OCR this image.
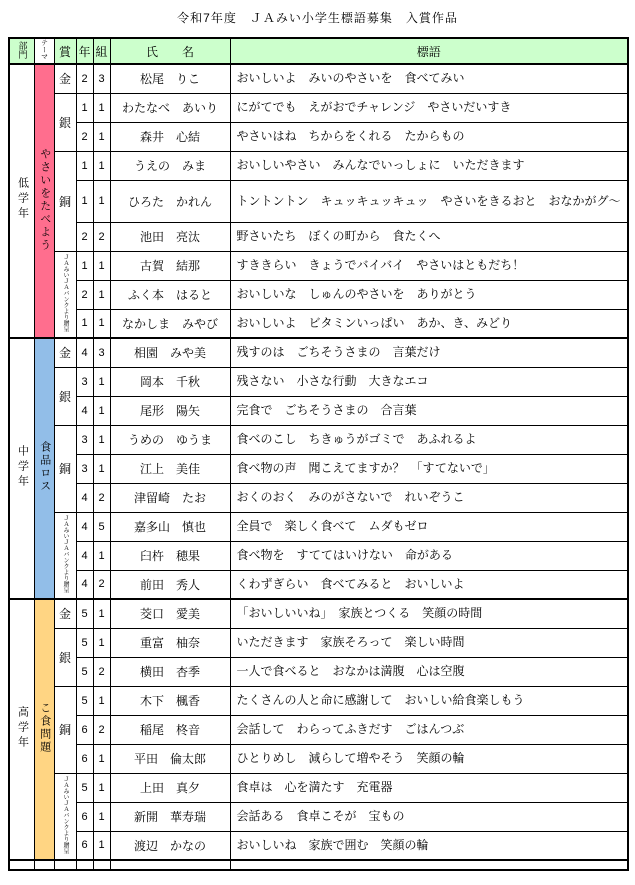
令和7年度　ＪＡみい小学生標語募集　入賞作品
部門	テーマ	賞	年	組	氏　　名	標語
低学年	やさいをたべよう	金	2	3	松尾　りこ	おいしいよ　みいのやさいを　食べてみい
		銀	1	1	わたなべ　あいり	にがてでも　えがおでチャレンジ　やさいだいすき
			2	1	森井　心結	やさいはね　ちからをくれる　たからもの
		銅	1	1	うえの　みま	おいしいやさい　みんなでいっしょに　いただきます
			1	1	ひろた　かれん	トントントン　キュッキュッキュッ　やさいをきるおと　おなかがグ～
			2	2	池田　亮汰	野さいたち　ぼくの町から　食たくへ
		ＪＡみいＪＡバンクより贈呈	1	1	古賀　結那	すききらい　きょうでバイバイ　やさいはともだち！
			2	1	ふく本　はると	おいしいな　しゅんのやさいを　ありがとう
			1	1	なかしま　みやび	おいしいよ　ビタミンいっぱい　あか、き、みどり
中学年	食品ロス	金	4	3	相園　みや美	残すのは　ごちそうさまの　言葉だけ
		銀	3	1	岡本　千秋	残さない　小さな行動　大きなエコ
			4	1	尾形　陽矢	完食で　ごちそうさまの　合言葉
		銅	3	1	うめの　ゆうま	食べのこし　ちきゅうがゴミで　あふれるよ
			3	1	江上　美佳	食べ物の声　聞こえてますか？　「すてないで」
			4	2	津留崎　たお	おくのおく　みのがさないで　れいぞうこ
		ＪＡみいＪＡバンクより贈呈	4	5	嘉多山　慎也	全員で　楽しく食べて　ムダもゼロ
			4	1	臼杵　穂果	食べ物を　すててはいけない　命がある
			4	2	前田　秀人	くわずぎらい　食べてみると　おいしいよ
高学年	こ食問題	金	5	1	茭口　愛美	「おいしいいね」　家族とつくる　笑顔の時間
		銀	5	1	重富　柚奈	いただきます　家族そろって　楽しい時間
			5	2	横田　杏季	一人で食べると　おなかは満腹　心は空腹
		銅	5	1	木下　楓香	たくさんの人と命に感謝して　おいしい給食楽しもう
			6	2	稲尾　柊音	会話して　わらってふきだす　ごはんつぶ
			6	1	平田　倫太郎	ひとりめし　減らして増やそう　笑顔の輪
		ＪＡみいＪＡバンクより贈呈	5	1	上田　真夕	食卓は　心を満たす　充電器
			6	1	新開　華寿瑞	会話ある　食卓こそが　宝もの
			6	1	渡辺　かなの	おいしいね　家族で囲む　笑顔の輪
